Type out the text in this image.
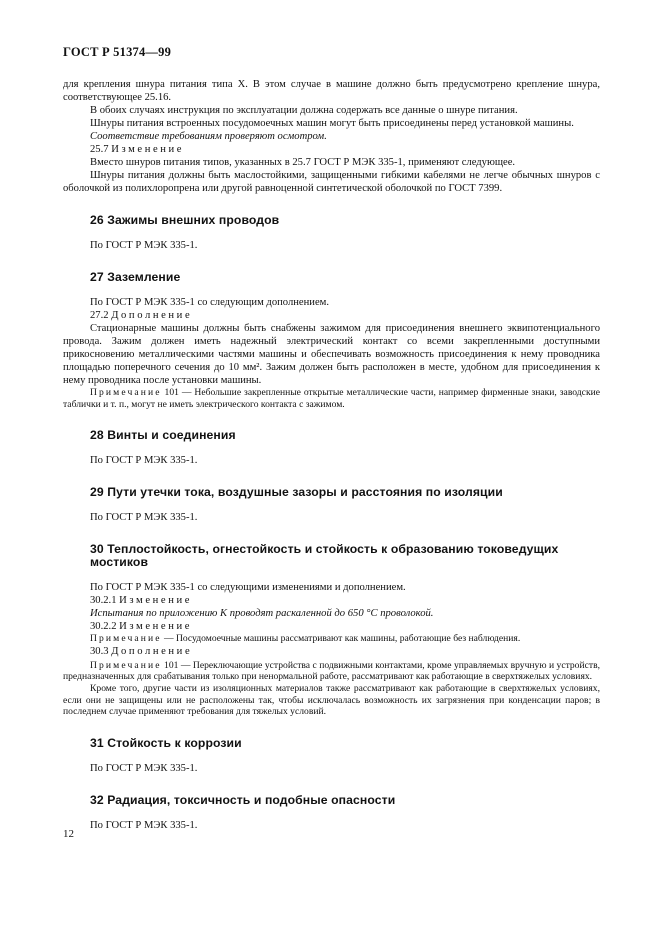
ГОСТ Р 51374—99

для крепления шнура питания типа X. В этом случае в машине должно быть предусмотрено крепление шнура, соответствующее 25.16.

В обоих случаях инструкция по эксплуатации должна содержать все данные о шнуре питания.

Шнуры питания встроенных посудомоечных машин могут быть присоединены перед установкой машины.

Соответствие требованиям проверяют осмотром.

25.7 Изменение

Вместо шнуров питания типов, указанных в 25.7 ГОСТ Р МЭК 335-1, применяют следующее.

Шнуры питания должны быть маслостойкими, защищенными гибкими кабелями не легче обычных шнуров с оболочкой из полихлоропрена или другой равноценной синтетической оболочкой по ГОСТ 7399.

26 Зажимы внешних проводов

По ГОСТ Р МЭК 335-1.

27 Заземление

По ГОСТ Р МЭК 335-1 со следующим дополнением.

27.2 Дополнение

Стационарные машины должны быть снабжены зажимом для присоединения внешнего эквипотенциального провода. Зажим должен иметь надежный электрический контакт со всеми закрепленными доступными прикосновению металлическими частями машины и обеспечивать возможность присоединения к нему проводника площадью поперечного сечения до 10 мм². Зажим должен быть расположен в месте, удобном для присоединения к нему проводника после установки машины.

Примечание 101 — Небольшие закрепленные открытые металлические части, например фирменные знаки, заводские таблички и т. п., могут не иметь электрического контакта с зажимом.

28 Винты и соединения

По ГОСТ Р МЭК 335-1.

29 Пути утечки тока, воздушные зазоры и расстояния по изоляции

По ГОСТ Р МЭК 335-1.

30 Теплостойкость, огнестойкость и стойкость к образованию токоведущих мостиков

По ГОСТ Р МЭК 335-1 со следующими изменениями и дополнением.

30.2.1 Изменение

Испытания по приложению К проводят раскаленной до 650 °С проволокой.

30.2.2 Изменение

Примечание — Посудомоечные машины рассматривают как машины, работающие без наблюдения.

30.3 Дополнение

Примечание 101 — Переключающие устройства с подвижными контактами, кроме управляемых вручную и устройств, предназначенных для срабатывания только при ненормальной работе, рассматривают как работающие в сверхтяжелых условиях.

Кроме того, другие части из изоляционных материалов также рассматривают как работающие в сверхтяжелых условиях, если они не защищены или не расположены так, чтобы исключалась возможность их загрязнения при конденсации паров; в последнем случае применяют требования для тяжелых условий.

31 Стойкость к коррозии

По ГОСТ Р МЭК 335-1.

32 Радиация, токсичность и подобные опасности

По ГОСТ Р МЭК 335-1.

12
